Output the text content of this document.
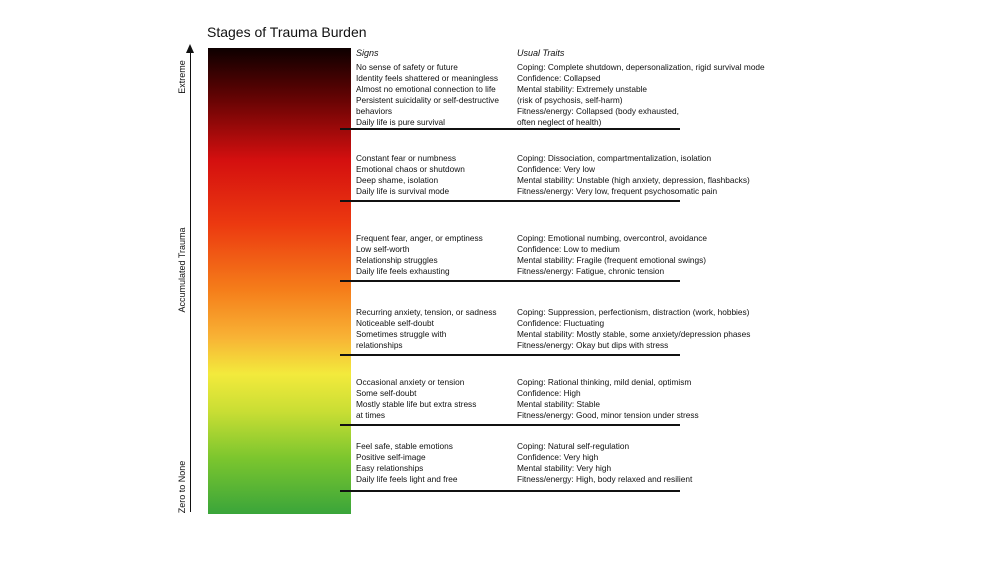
Stages of Trauma Burden
Extreme
Accumulated Trauma
Zero to None
Signs	Usual Traits
No sense of safety or future
Identity feels shattered or meaningless
Almost no emotional connection to life
Persistent suicidality or self-destructive
behaviors
Daily life is pure survival
Coping: Complete shutdown, depersonalization, rigid survival mode
Confidence: Collapsed
Mental stability: Extremely unstable
(risk of psychosis, self-harm)
Fitness/energy: Collapsed (body exhausted,
often neglect of health)
Constant fear or numbness
Emotional chaos or shutdown
Deep shame, isolation
Daily life is survival mode
Coping: Dissociation, compartmentalization, isolation
Confidence: Very low
Mental stability: Unstable (high anxiety, depression, flashbacks)
Fitness/energy: Very low, frequent psychosomatic pain
Frequent fear, anger, or emptiness
Low self-worth
Relationship struggles
Daily life feels exhausting
Coping: Emotional numbing, overcontrol, avoidance
Confidence: Low to medium
Mental stability: Fragile (frequent emotional swings)
Fitness/energy: Fatigue, chronic tension
Recurring anxiety, tension, or sadness
Noticeable self-doubt
Sometimes struggle with
relationships
Coping: Suppression, perfectionism, distraction (work, hobbies)
Confidence: Fluctuating
Mental stability: Mostly stable, some anxiety/depression phases
Fitness/energy: Okay but dips with stress
Occasional anxiety or tension
Some self-doubt
Mostly stable life but extra stress
at times
Coping: Rational thinking, mild denial, optimism
Confidence: High
Mental stability: Stable
Fitness/energy: Good, minor tension under stress
Feel safe, stable emotions
Positive self-image
Easy relationships
Daily life feels light and free
Coping: Natural self-regulation
Confidence: Very high
Mental stability: Very high
Fitness/energy: High, body relaxed and resilient
